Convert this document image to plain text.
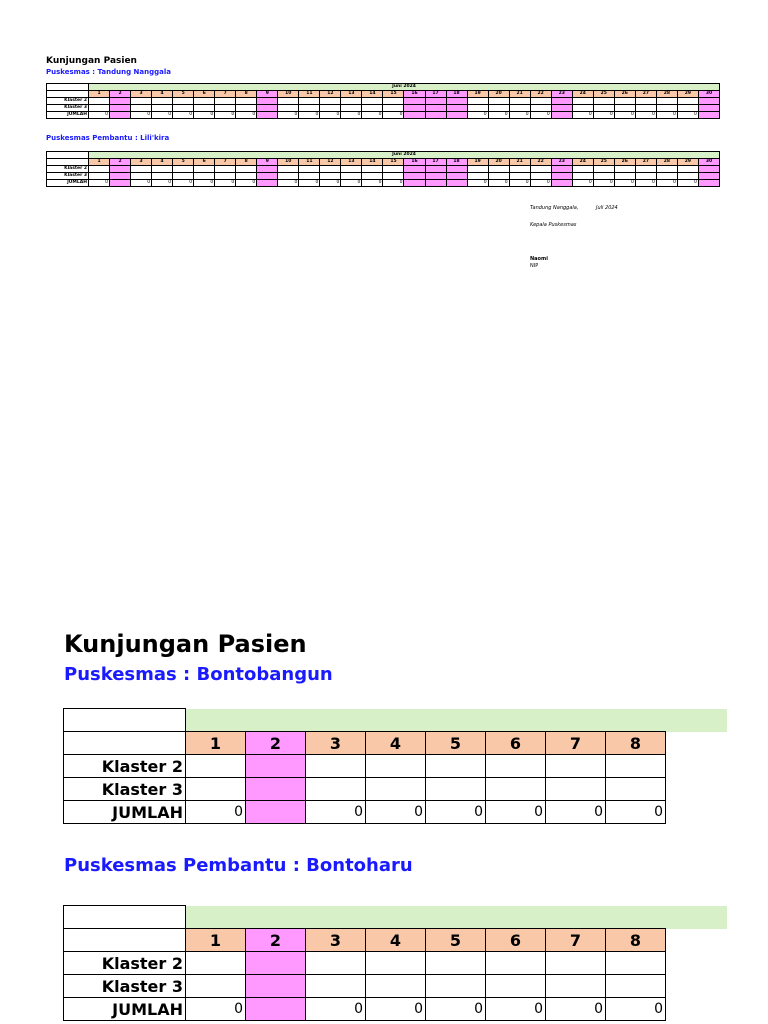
Kunjungan Pasien
Puskesmas : Tandung Nanggala
	Juni 2024																													
	1	2	3	4	5	6	7	8	9	10	11	12	13	14	15	16	17	18	19	20	21	22	23	24	25	26	27	28	29	30
Klaster 2																														
Klaster 3																														
JUMLAH	0		0	0	0	0	0	0		0	0	0	0	0	0				0	0	0	0		0	0	0	0	0	0	
Puskesmas Pembantu : Lili'kira
	Juni 2024																													
	1	2	3	4	5	6	7	8	9	10	11	12	13	14	15	16	17	18	19	20	21	22	23	24	25	26	27	28	29	30
Klaster 2																														
Klaster 3																														
JUMLAH	0		0	0	0	0	0	0		0	0	0	0	0	0				0	0	0	0		0	0	0	0	0	0	
Tandung Nanggala,	Juli 2024
Kepala Puskesmas
Naomi
NIP
Kunjungan Pasien
Puskesmas : Bontobangun

	1	2	3	4	5	6	7	8
Klaster 2								
Klaster 3								
JUMLAH	0		0	0	0	0	0	0
Puskesmas Pembantu : Bontoharu

	1	2	3	4	5	6	7	8
Klaster 2								
Klaster 3								
JUMLAH	0		0	0	0	0	0	0
